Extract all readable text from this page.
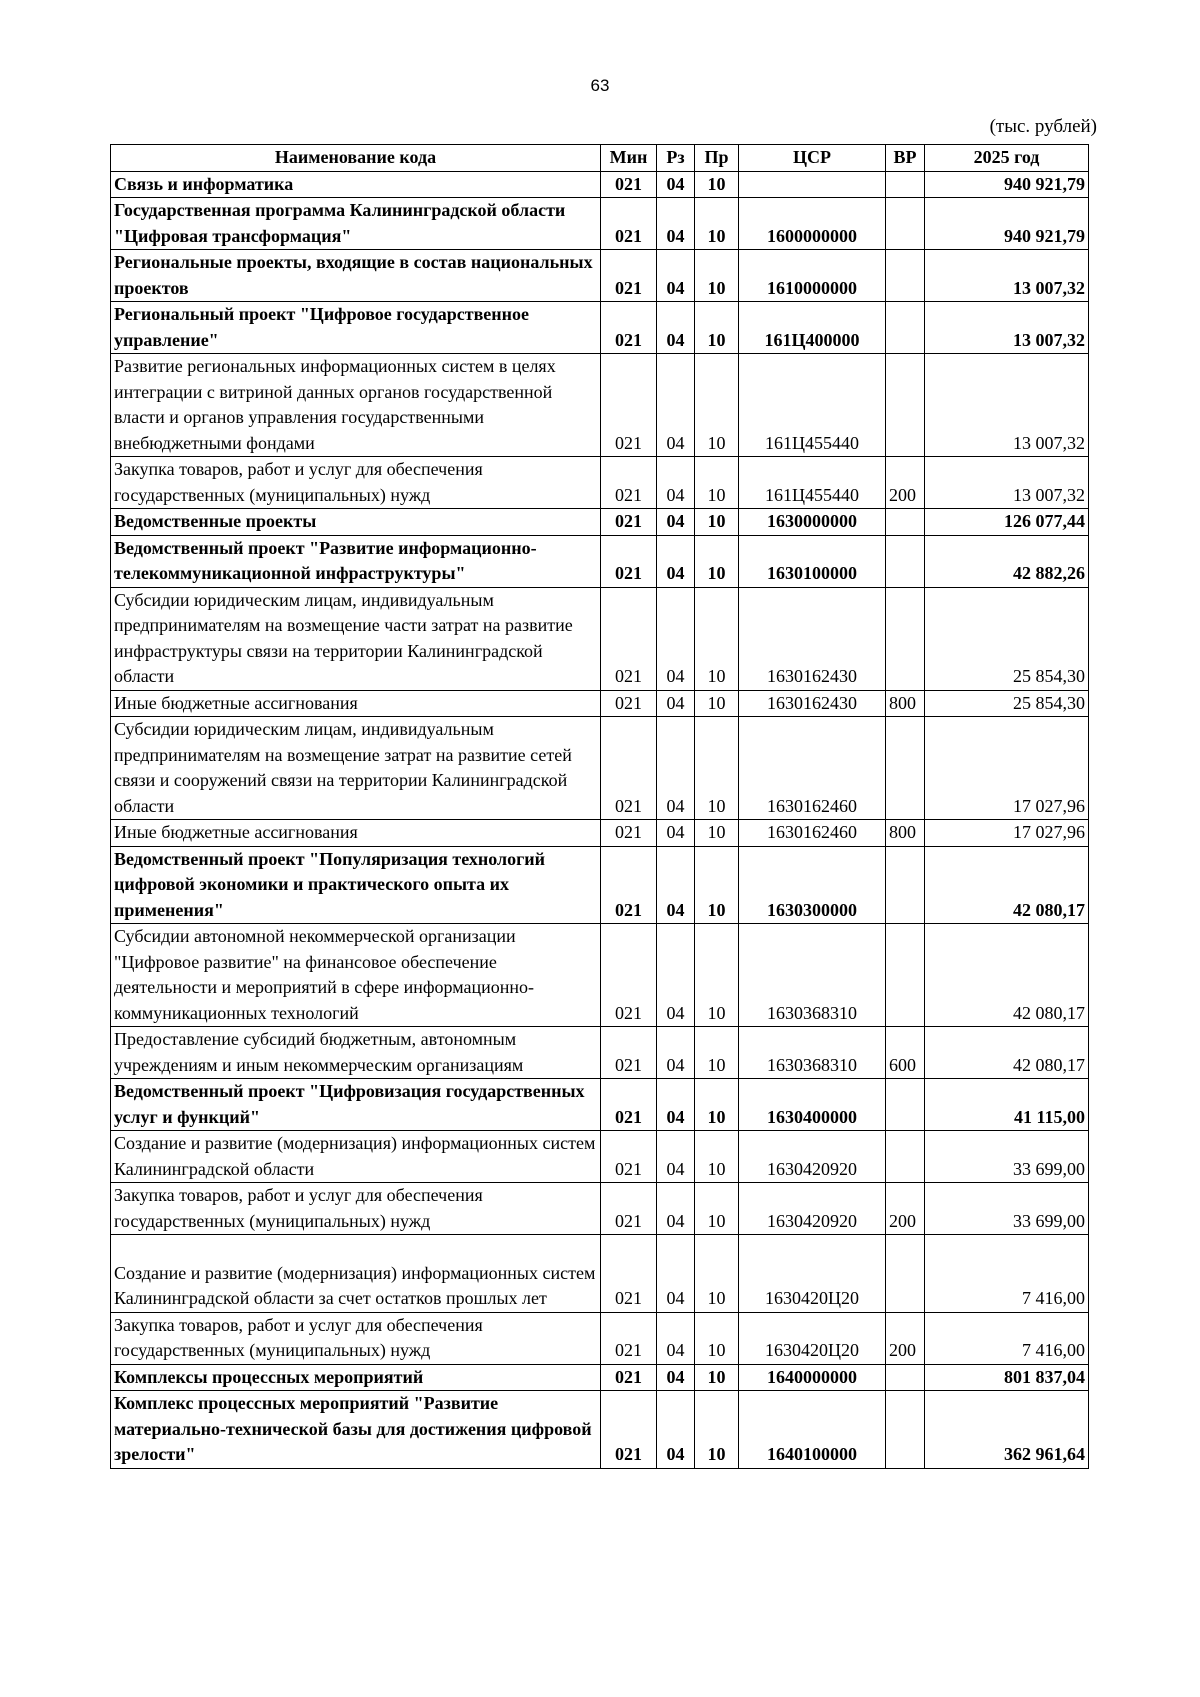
63
(тыс. рублей)
Наименование кода	Мин	Рз	Пр	ЦСР	ВР	2025 год
Связь и информатика	021	04	10			940 921,79
Государственная программа Калининградской области "Цифровая трансформация"	021	04	10	1600000000		940 921,79
Региональные проекты, входящие в состав национальных проектов	021	04	10	1610000000		13 007,32
Региональный проект "Цифровое государственное управление"	021	04	10	161Ц400000		13 007,32
Развитие региональных информационных систем в целях интеграции с витриной данных органов государственной власти и органов управления государственными внебюджетными фондами	021	04	10	161Ц455440		13 007,32
Закупка товаров, работ и услуг для обеспечения государственных (муниципальных) нужд	021	04	10	161Ц455440	200	13 007,32
Ведомственные проекты	021	04	10	1630000000		126 077,44
Ведомственный проект "Развитие информационно-телекоммуникационной инфраструктуры"	021	04	10	1630100000		42 882,26
Субсидии юридическим лицам, индивидуальным предпринимателям на возмещение части затрат на развитие инфраструктуры связи на территории Калининградской области	021	04	10	1630162430		25 854,30
Иные бюджетные ассигнования	021	04	10	1630162430	800	25 854,30
Субсидии юридическим лицам, индивидуальным предпринимателям на возмещение затрат на развитие сетей связи и сооружений связи на территории Калининградской области	021	04	10	1630162460		17 027,96
Иные бюджетные ассигнования	021	04	10	1630162460	800	17 027,96
Ведомственный проект "Популяризация технологий цифровой экономики и практического опыта их применения"	021	04	10	1630300000		42 080,17
Субсидии автономной некоммерческой организации "Цифровое развитие" на финансовое обеспечение деятельности и мероприятий в сфере информационно-коммуникационных технологий	021	04	10	1630368310		42 080,17
Предоставление субсидий бюджетным, автономным учреждениям и иным некоммерческим организациям	021	04	10	1630368310	600	42 080,17
Ведомственный проект "Цифровизация государственных услуг и функций"	021	04	10	1630400000		41 115,00
Создание и развитие (модернизация) информационных систем Калининградской области	021	04	10	1630420920		33 699,00
Закупка товаров, работ и услуг для обеспечения государственных (муниципальных) нужд	021	04	10	1630420920	200	33 699,00
Создание и развитие (модернизация) информационных систем Калининградской области за счет остатков прошлых лет	021	04	10	1630420Ц20		7 416,00
Закупка товаров, работ и услуг для обеспечения государственных (муниципальных) нужд	021	04	10	1630420Ц20	200	7 416,00
Комплексы процессных мероприятий	021	04	10	1640000000		801 837,04
Комплекс процессных мероприятий "Развитие материально-технической базы для достижения цифровой зрелости"	021	04	10	1640100000		362 961,64
